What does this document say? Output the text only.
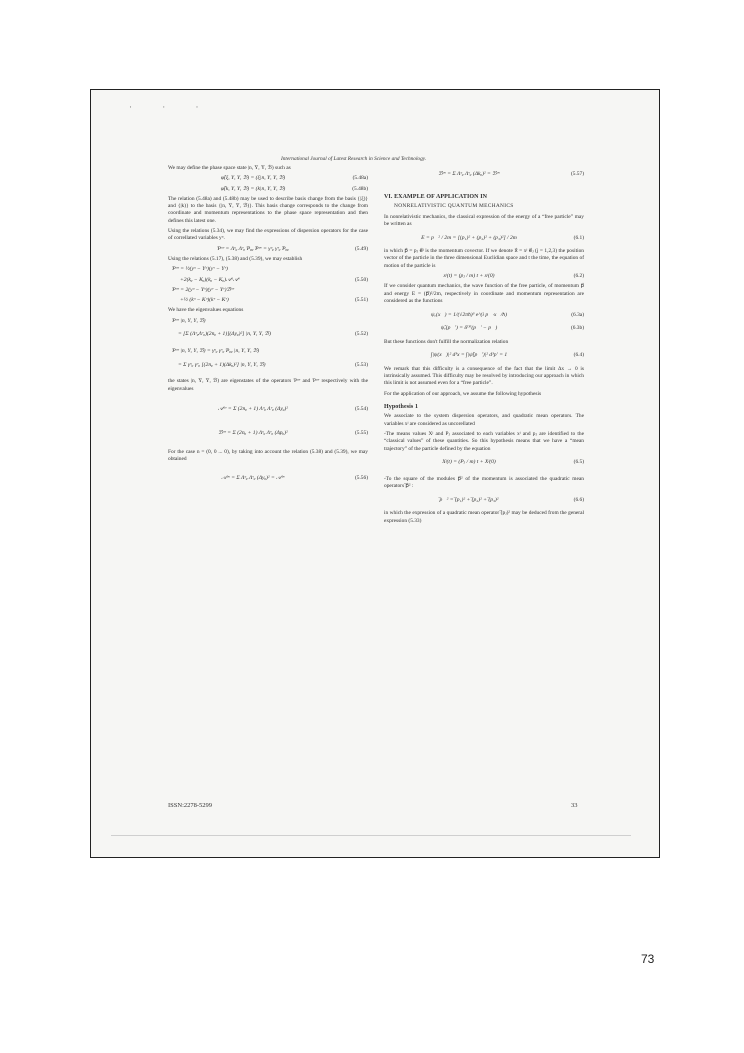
· · ·
International Journal of Latest Research in Science and Technology.

We may define the phase space state |n, Ȳ, Ȳ, ℬ) such as

φ̂(ξ, Ȳ, Ȳ, ℬ) = (ξ|n, Ȳ, Ȳ, ℬ)	(5.48a)
φ̃(k, Ȳ, Ȳ, ℬ) = (k|n, Ȳ, Ȳ, ℬ)	(5.48b)

The relation (5.48a) and (5.48b) may be used to describe basis change from the basis {|ξ)} and {|k)} to the basis {|n, Ȳ, Ȳ, ℬ)}. This basis change corresponds to the change from coordinate and momentum representations to the phase space representation and then defines this latest one.

Using the relations (5.34), we may find the expressions of dispersion operators for the case of correllated variables yᵘ.

Ƥᵘᵛ = Λᵘᵨ Λᵛᵨ Ƥᵨᵨ Ƥᵘᵛ = γᵘᵨ γᵛᵨ Ƥᵨᵨ	(5.49)

Using the relations (5.17), (5.38) and (5.39), we may establish

Ƥᵘᵛ = ½(yᵘ − Yᵘ)(yᵛ − Yᵛ)
+2(kᵨ − Kᵨ)(kᵨ − Kᵨ)𝒜ᵘ𝒜ᵛ	(5.50)
Ƥᵘᵛ = 2(yᵘ − Yᵘ)(yᵛ − Yᵛ)ℬᵘᵛ
+½ (kᵘ − Kᵘ)(kᵛ − Kᵛ)	(5.51)

We have the eigenvalues equations

Ƥᵘᵛ |n, Ȳ, Ȳ, ℬ)
= [Σ (ΛᵘᵨΛᵛᵨ)(2nᵨ + 1)](Δyᵨ)²] |n, Ȳ, Ȳ, ℬ)	(5.52)
Ƥᵘᵛ |n, Ȳ, Ȳ, ℬ) = γᵘᵨ γᵛᵨ Ƥᵨᵨ |n, Ȳ, Ȳ, ℬ)
= Σ γᵘᵨ γᵛᵨ [(2nᵨ + 1)(Δkᵨ)²] |n, Ȳ, Ȳ, ℬ)	(5.53)

the states |n, Ȳ, Ȳ, ℬ) are eigenstates of the operators Ƥᵘᵛ and Ƥᵘᵛ respectively with the eigenvalues

𝒜ᵘᵛ = Σ (2nᵨ + 1) Λᵘᵨ Λᵛᵨ (Δyᵨ)²	(5.54)
ℬᵘᵛ = Σ (2nᵨ + 1) Λᵘᵨ Λᵛᵨ (Δpᵨ)²	(5.55)

For the case n = (0, 0 ... 0), by taking into account the relation (5.38) and (5.39), we may obtained

𝒜ᵘᵛ = Σ Λᵘᵨ Λᵛᵨ (Δyᵨ)² = 𝒜ᵘᵛ	(5.56)
ℬᵘᵛ = Σ Λᵘᵨ Λᵛᵨ (Δkᵨ)² = ℬᵘᵛ	(5.57)
VI. EXAMPLE OF APPLICATION IN
NONRELATIVISTIC QUANTUM MECHANICS

In nonrelativistic mechanics, the classical expression of the energy of a “free particle” may be written as

E = p⃗² / 2m = [(p₁)² + (p₂)² + (p₃)²] / 2m	(6.1)

in which p⃗ = pⱼ e⃗ʲ is the momentum covector. If we denote x⃗ = xʲ e⃗ⱼ (j = 1,2,3) the position vector of the particle in the three dimensional Euclidian space and t the time, the equation of motion of the particle is

xʲ(t) = (pⱼ / m) t + xʲ(0)	(6.2)

If we consider quantum mechanics, the wave function of the free particle, of momentum p⃗ and energy E = (p⃗)²/2m, respectively in coordinate and momentum representation are considered as the functions

ψₑ(x⃗) = 1/(√2πħ)³ e^(i p⃗·x⃗/ħ)	(6.3a)
ψ̃ₑ(p⃗′) = δ⁽³⁾(p⃗′ − p⃗)	(6.3b)

But these functions don't fulfill the normalization relation

∫|ψ(x⃗)|² d³x = ∫|ψ̃(p⃗′)|² d³p′ = 1	(6.4)

We remark that this difficulty is a consequence of the fact that the limit Δx → 0 is intrinsically assumed. This difficulty may be resolved by introducing our approach in which this limit is not assumed even for a “free particle”.

For the application of our approach, we assume the following hypothesis

Hypothesis 1

We associate to the system dispersion operators, and quadratic mean operators. The variables xʲ are considered as uncorellated

-The means values Xʲ and Pⱼ associated to each variables xʲ and pⱼ are identified to the “classical values” of these quantities. So this hypothesis means that we have a “mean trajectory” of the particle defined by the equation

Xʲ(t) = (Pⱼ / m) t + Xʲ(0)	(6.5)

-To the square of the modules p⃗² of the momentum is associated the quadratic mean operators ̅p⃗² :

̅p⃗² = ̅(p₁)² + ̅(p₂)² + ̅(p₃)²	(6.6)

in which the expression of a quadratic mean operator ̅(pⱼ)² may be deduced from the general expression (5.33)

ISSN:2278-5299	33
73
